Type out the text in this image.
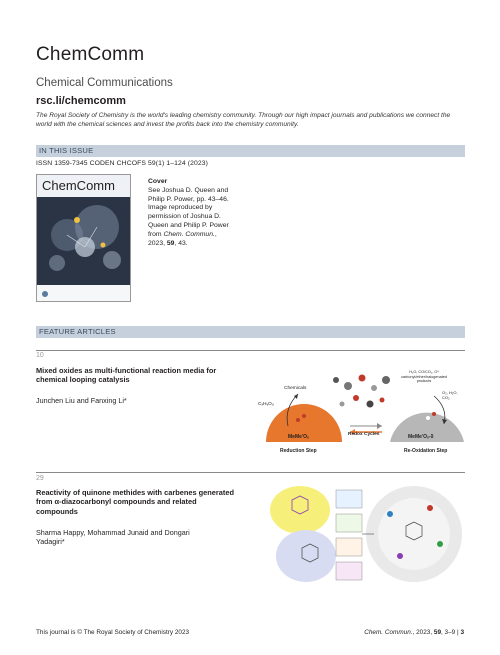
ChemComm
Chemical Communications
rsc.li/chemcomm
The Royal Society of Chemistry is the world's leading chemistry community. Through our high impact journals and publications we connect the world with the chemical sciences and invest the profits back into the chemistry community.
IN THIS ISSUE
ISSN 1359-7345 CODEN CHCOFS 59(1) 1–124 (2023)
ChemComm	Cover
See Joshua D. Queen and Philip P. Power, pp. 43–46. Image reproduced by permission of Joshua D. Queen and Philip P. Power from Chem. Commun., 2023, 59, 43.
FEATURE ARTICLES
10
Mixed oxides as multi-functional reaction media for chemical looping catalysis
Junchen Liu and Fanxing Li*	CₓHᵧOᵤ
Chemicals
MeMe'Oₓ	MeMe'Oₓ-δ
Redox Cycles
H₂O, CO/CO₂, O* carbonyl/ether/halogenated products
O₂, H₂O, CO₂
Reduction Step	Re-Oxidation Step
29
Reactivity of quinone methides with carbenes generated from α-diazocarbonyl compounds and related compounds
Sharma Happy, Mohammad Junaid and Dongari Yadagiri*
This journal is © The Royal Society of Chemistry 2023	Chem. Commun., 2023, 59, 3–9 | 3
